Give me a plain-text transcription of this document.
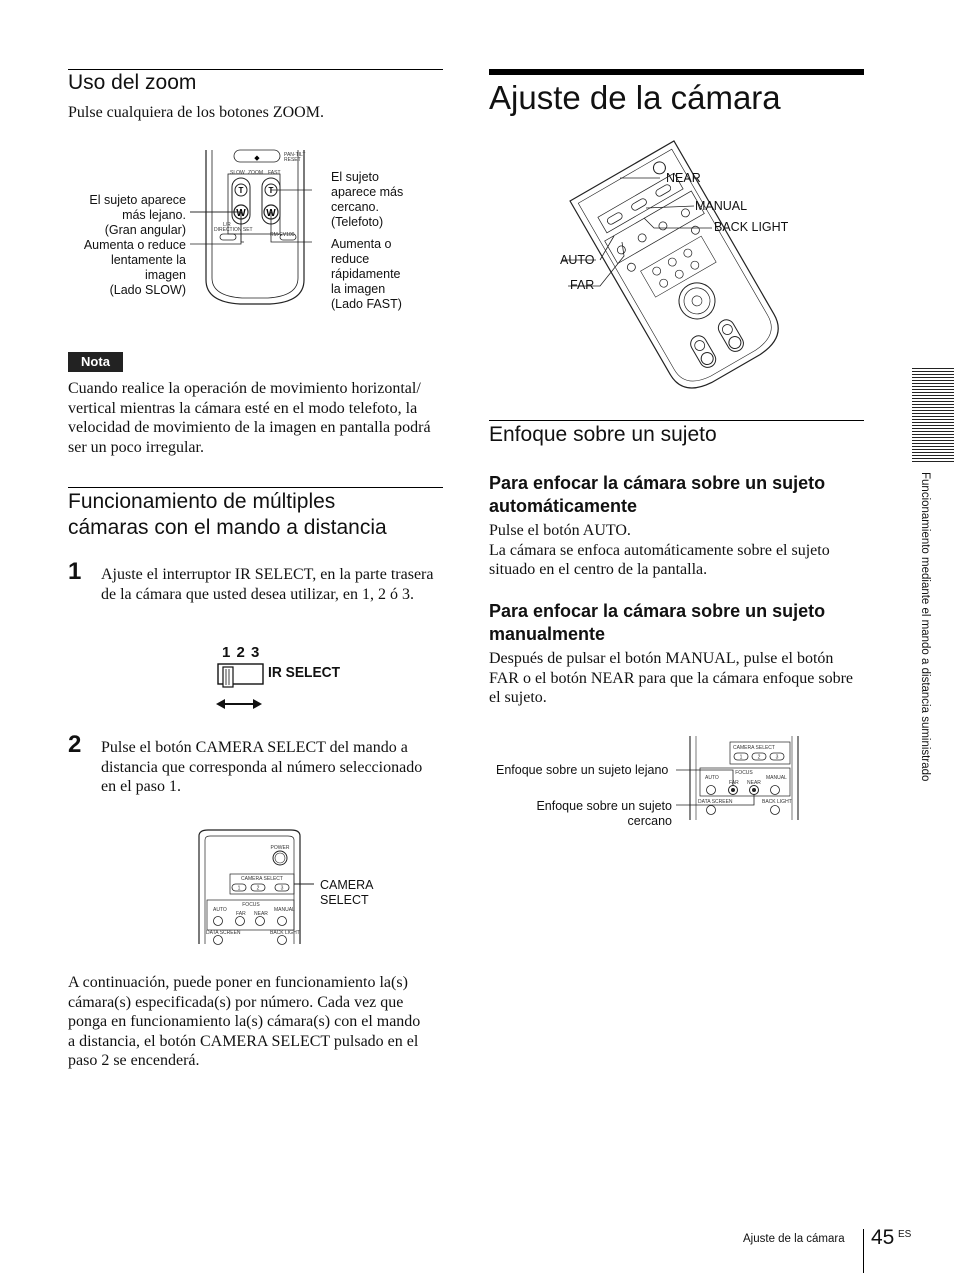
Uso del zoom

Pulse cualquiera de los botones ZOOM.

◆
T
W
T
W
SLOW ZOOM FAST
PAN-TILT
RESET
L/R
DIRECTION SET
RM-EV100
El sujeto aparece
más lejano.
(Gran angular)
Aumenta o reduce
lentamente la
imagen
(Lado SLOW)
El sujeto
aparece más
cercano.
(Telefoto)
Aumenta o
reduce
rápidamente
la imagen
(Lado FAST)
Nota
Cuando realice la operación de movimiento horizontal/
vertical mientras la cámara esté en el modo telefoto, la
velocidad de movimiento de la imagen en pantalla podrá
ser un poco irregular.
Funcionamiento de múltiples
cámaras con el mando a distancia
1 Ajuste el interruptor IR SELECT, en la parte trasera
de la cámara que usted desea utilizar, en 1, 2 ó 3.
1 2 3
IR SELECT
2 Pulse el botón CAMERA SELECT del mando a
distancia que corresponda al número seleccionado
en el paso 1.
POWER
CAMERA SELECT
1	2	3
FOCUS
AUTO	MANUAL
FAR NEAR
DATA SCREEN	BACK LIGHT
CAMERA
SELECT
A continuación, puede poner en funcionamiento la(s)
cámara(s) especificada(s) por número. Cada vez que
ponga en funcionamiento la(s) cámara(s) con el mando
a distancia, el botón CAMERA SELECT pulsado en el
paso 2 se encenderá.
Ajuste de la cámara
NEAR
MANUAL
BACK LIGHT
AUTO
FAR
Enfoque sobre un sujeto
Para enfocar la cámara sobre un sujeto
automáticamente
Pulse el botón AUTO.
La cámara se enfoca automáticamente sobre el sujeto
situado en el centro de la pantalla.
Para enfocar la cámara sobre un sujeto
manualmente
Después de pulsar el botón MANUAL, pulse el botón
FAR o el botón NEAR para que la cámara enfoque sobre
el sujeto.
CAMERA SELECT
1	2	3
FOCUS
AUTO	MANUAL
FAR NEAR
DATA SCREEN	BACK LIGHT
Enfoque sobre un sujeto lejano
Enfoque sobre un sujeto
cercano
Funcionamiento mediante el mando a distancia suministrado
Ajuste de la cámara 45 ES
